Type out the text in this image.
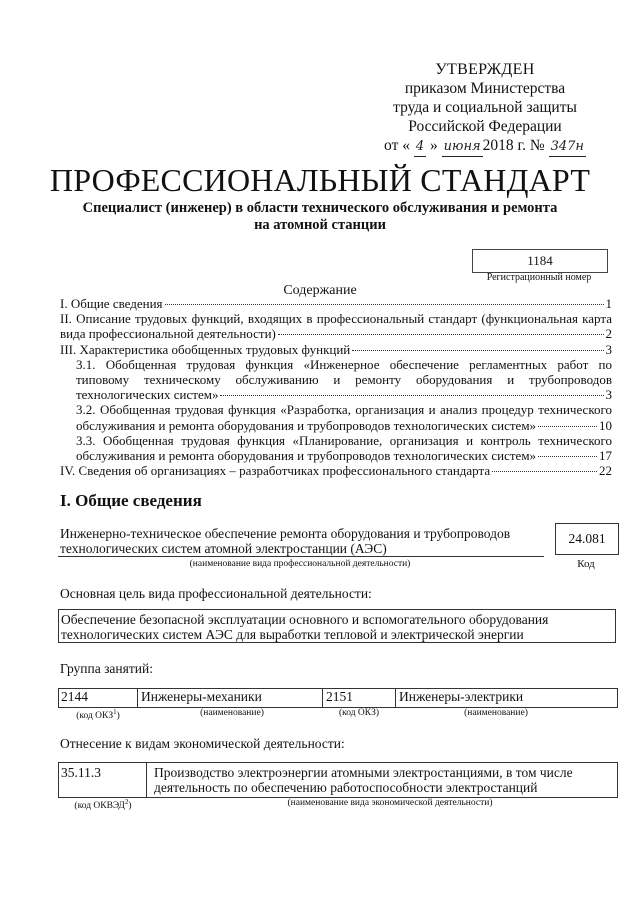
УТВЕРЖДЕН
приказом Министерства
труда и социальной защиты
Российской Федерации
от « 4 » июня 2018 г. № 347н
ПРОФЕССИОНАЛЬНЫЙ СТАНДАРТ
Специалист (инженер) в области технического обслуживания и ремонта
на атомной станции
1184
Регистрационный номер
Содержание
I. Общие сведения	1
II. Описание трудовых функций, входящих в профессиональный стандарт (функциональная карта
вида профессиональной деятельности)	2
III. Характеристика обобщенных трудовых функций	3
3.1. Обобщенная трудовая функция «Инженерное обеспечение регламентных работ по
типовому техническому обслуживанию и ремонту оборудования и трубопроводов
технологических систем»	3
3.2. Обобщенная трудовая функция «Разработка, организация и анализ процедур технического
обслуживания и ремонта оборудования и трубопроводов технологических систем»	10
3.3. Обобщенная трудовая функция «Планирование, организация и контроль технического
обслуживания и ремонта оборудования и трубопроводов технологических систем»	17
IV. Сведения об организациях – разработчиках профессионального стандарта	22
I. Общие сведения
Инженерно-техническое обеспечение ремонта оборудования и трубопроводов
технологических систем атомной электростанции (АЭС)
(наименование вида профессиональной деятельности)
24.081
Код
Основная цель вида профессиональной деятельности:
Обеспечение безопасной эксплуатации основного и вспомогательного оборудования
технологических систем АЭС для выработки тепловой и электрической энергии
Группа занятий:
2144	Инженеры-механики	2151	Инженеры-электрики
(код ОКЗ$^1$)	(наименование)	(код ОКЗ)	(наименование)
Отнесение к видам экономической деятельности:
35.11.3	Производство электроэнергии атомными электростанциями, в том числе
деятельность по обеспечению работоспособности электростанций
(код ОКВЭД$^2$)	(наименование вида экономической деятельности)
